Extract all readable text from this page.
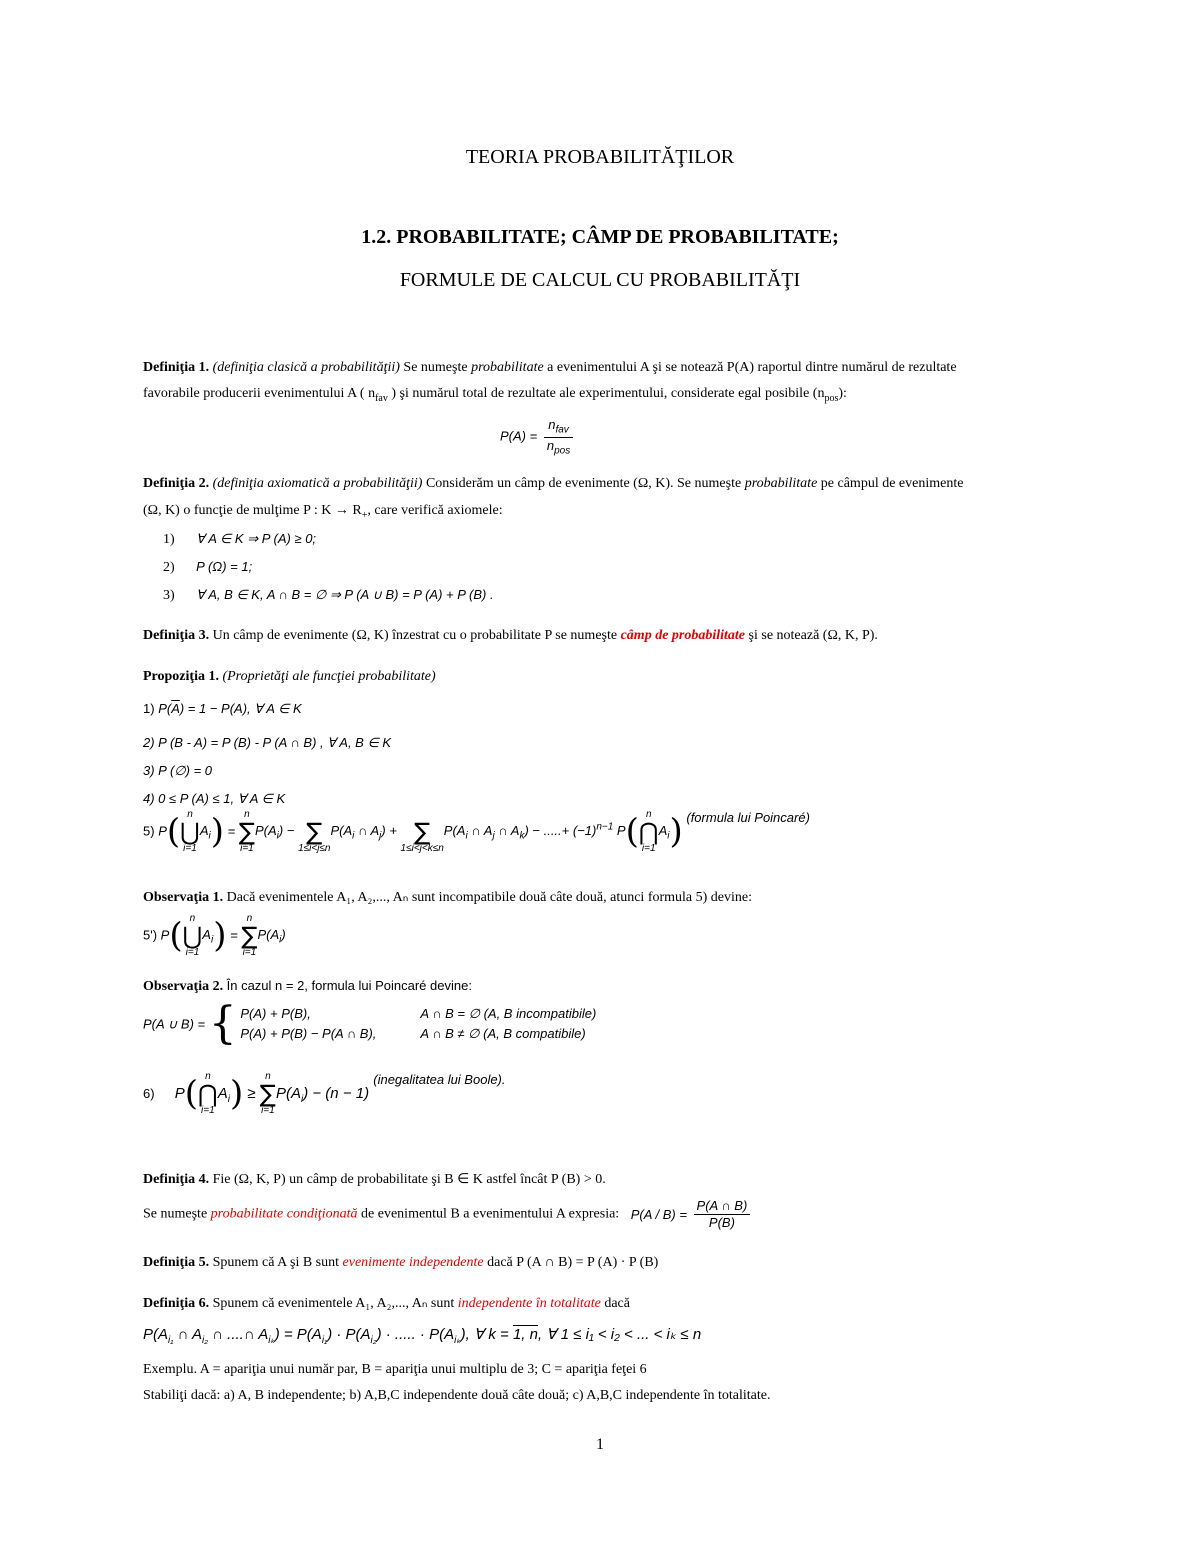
TEORIA PROBABILITĂŢILOR
1.2. PROBABILITATE; CÂMP DE PROBABILITATE;
FORMULE DE CALCUL CU PROBABILITĂŢI
Definiţia 1. (definiţia clasică a probabilităţii) Se numeşte probabilitate a evenimentului A şi se notează P(A) raportul dintre numărul de rezultate
favorabile producerii evenimentului A ( $n_{fav}$ ) şi numărul total de rezultate ale experimentului, considerate egal posibile $(n_{pos})$:
$P(A) = \frac{n_{fav}}{n_{pos}}$
Definiţia 2. (definiţia axiomatică a probabilităţii) Considerăm un câmp de evenimente (Ω, K). Se numeşte probabilitate pe câmpul de evenimente
(Ω, K) o funcţie de mulţime P : $K \to R_+$, care verifică axiomele:
1) ∀ A ∈ K ⇒ P (A) ≥ 0;
2) P (Ω) = 1;
3) ∀ A, B ∈ K, A ∩ B = ∅ ⇒ P (A ∪ B) = P (A) + P (B) .
Definiţia 3. Un câmp de evenimente (Ω, K) înzestrat cu o probabilitate P se numeşte câmp de probabilitate şi se notează (Ω, K, P).
Propoziţia 1. (Proprietăţi ale funcţiei probabilitate)
1) $P(\overline{A}) = 1 - P(A)$, ∀ A ∈ K
2) P (B - A) = P (B) - P (A ∩ B) , ∀ A, B ∈ K
3) P (∅) = 0
4) 0 ≤ P (A) ≤ 1, ∀ A ∈ K
5) P( n
⋃
$i=1A_i) = n$
∑
$i=1P(A_i)$ − ∑
$1\le i<j\le nP(A_i$ ∩ $A_j$) + ∑
$1\le i<j<k\le nP(A_i$ ∩ $A_j$ ∩ $A_k$) − .....+ $(-1)^{n-1}$ P( n
⋂
$i=1A_i$) (formula lui Poincaré)
Observaţia 1. Dacă evenimentele A₁, A₂,..., Aₙ sunt incompatibile două câte două, atunci formula 5) devine:
5') P( n
⋃
$i=1A_i) = n$
∑
$i=1P(A_i)$
Observaţia 2. În cazul n = 2, formula lui Poincaré devine:
P(A ∪ B) = { P(A) + P(B),	A ∩ B = ∅ (A, B incompatibile)
P(A) + P(B) − P(A ∩ B),	A ∩ B ≠ ∅ (A, B compatibile)
6) P( n
⋂
$i=1A_i) \ge n$
∑
$i=1P(A_i) - (n - 1)$ (inegalitatea lui Boole).
Definiţia 4. Fie (Ω, K, P) un câmp de probabilitate şi B ∈ K astfel încât P (B) > 0.
Se numeşte probabilitate condiţionată de evenimentul B a evenimentului A expresia: $P(A / B) = \frac{P(A \cap B)}{P(B)}$
Definiţia 5. Spunem că A şi B sunt evenimente independente dacă P (A ∩ B) = P (A) · P (B)
Definiţia 6. Spunem că evenimentele A₁, A₂,..., Aₙ sunt independente în totalitate dacă
$P(A_{i_1}$ ∩ $A_{i_2}$ ∩ ....∩ $A_{i_k}) = P(A_{i_1}) \cdot P(A_{i_2})$ · ..... · $P(A_{i_k})$, ∀ k = 1, n, ∀ 1 ≤ i₁ < i₂ < ... < iₖ ≤ n
Exemplu. A = apariţia unui număr par, B = apariţia unui multiplu de 3; C = apariţia feţei 6
Stabiliţi dacă: a) A, B independente; b) A,B,C independente două câte două; c) A,B,C independente în totalitate.
1
